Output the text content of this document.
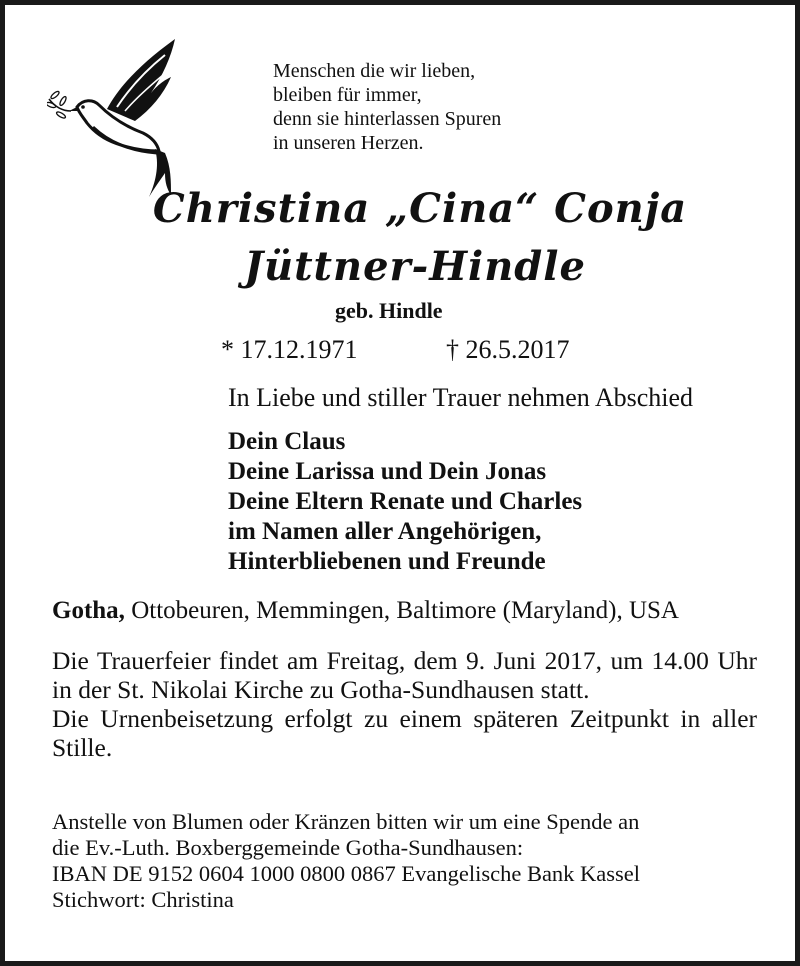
Menschen die wir lieben,
bleiben für immer,
denn sie hinterlassen Spuren
in unseren Herzen.
Christina „Cina“ Conja
Jüttner-Hindle
geb. Hindle
* 17.12.1971	† 26.5.2017
In Liebe und stiller Trauer nehmen Abschied
Dein Claus
Deine Larissa und Dein Jonas
Deine Eltern Renate und Charles
im Namen aller Angehörigen,
Hinterbliebenen und Freunde
Gotha, Ottobeuren, Memmingen, Baltimore (Maryland), USA

Die Trauerfeier findet am Freitag, dem 9. Juni 2017, um 14.00 Uhr in der St. Nikolai Kirche zu Gotha-Sundhausen statt.

Die Urnenbeisetzung erfolgt zu einem späteren Zeitpunkt in aller Stille.

Anstelle von Blumen oder Kränzen bitten wir um eine Spende an
die Ev.-Luth. Boxberggemeinde Gotha-Sundhausen:
IBAN DE 9152 0604 1000 0800 0867 Evangelische Bank Kassel
Stichwort: Christina
